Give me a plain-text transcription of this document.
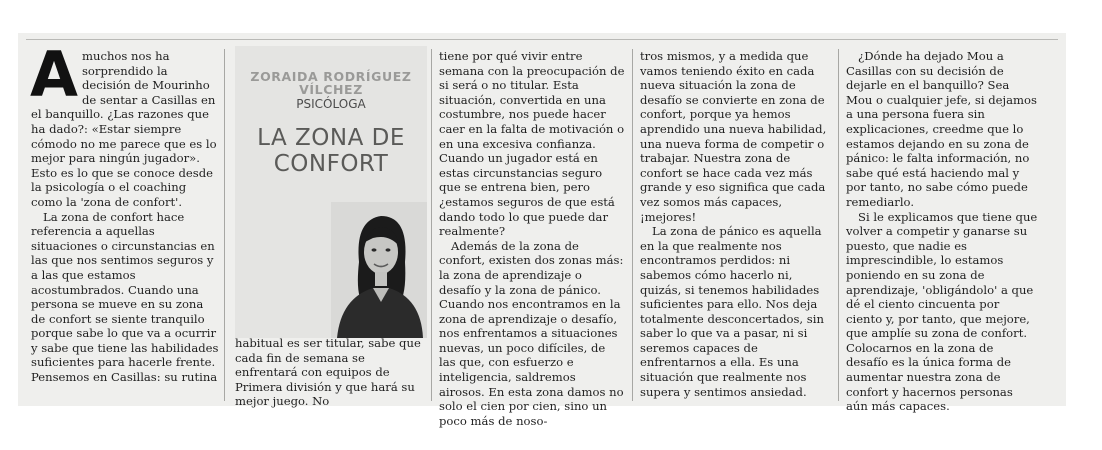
Amuchos nos ha sorprendido la decisión de Mourinho de sentar a Casillas en el banquillo. ¿Las razones que ha dado?: «Estar siempre cómodo no me parece que es lo mejor para ningún jugador». Esto es lo que se conoce desde la psicología o el coaching como la 'zona de confort'.

La zona de confort hace referencia a aquellas situaciones o circunstancias en las que nos sentimos seguros y a las que estamos acostumbrados. Cuando una persona se mueve en su zona de confort se siente tranquilo porque sabe lo que va a ocurrir y sabe que tiene las habilidades suficientes para hacerle frente. Pensemos en Casillas: su rutina

ZORAIDA RODRÍGUEZ VÍLCHEZ
PSICÓLOGA
LA ZONA DE CONFORT
habitual es ser titular, sabe que cada fin de semana se enfrentará con equipos de Primera división y que hará su mejor juego. No

tiene por qué vivir entre semana con la preocupación de si será o no titular. Esta situación, convertida en una costumbre, nos puede hacer caer en la falta de motivación o en una excesiva confianza. Cuando un jugador está en estas circunstancias seguro que se entrena bien, pero ¿estamos seguros de que está dando todo lo que puede dar realmente?

Además de la zona de confort, existen dos zonas más: la zona de aprendizaje o desafío y la zona de pánico. Cuando nos encontramos en la zona de aprendizaje o desafío, nos enfrentamos a situaciones nuevas, un poco difíciles, de las que, con esfuerzo e inteligencia, saldremos airosos. En esta zona damos no solo el cien por cien, sino un poco más de noso-

tros mismos, y a medida que vamos teniendo éxito en cada nueva situación la zona de desafío se convierte en zona de confort, porque ya hemos aprendido una nueva habilidad, una nueva forma de competir o trabajar. Nuestra zona de confort se hace cada vez más grande y eso significa que cada vez somos más capaces, ¡mejores!

La zona de pánico es aquella en la que realmente nos encontramos perdidos: ni sabemos cómo hacerlo ni, quizás, si tenemos habilidades suficientes para ello. Nos deja totalmente desconcertados, sin saber lo que va a pasar, ni si seremos capaces de enfrentarnos a ella. Es una situación que realmente nos supera y sentimos ansiedad.

¿Dónde ha dejado Mou a Casillas con su decisión de dejarle en el banquillo? Sea Mou o cualquier jefe, si dejamos a una persona fuera sin explicaciones, creedme que lo estamos dejando en su zona de pánico: le falta información, no sabe qué está haciendo mal y por tanto, no sabe cómo puede remediarlo.

Si le explicamos que tiene que volver a competir y ganarse su puesto, que nadie es imprescindible, lo estamos poniendo en su zona de aprendizaje, 'obligándolo' a que dé el ciento cincuenta por ciento y, por tanto, que mejore, que amplíe su zona de confort. Colocarnos en la zona de desafío es la única forma de aumentar nuestra zona de confort y hacernos personas aún más capaces.
